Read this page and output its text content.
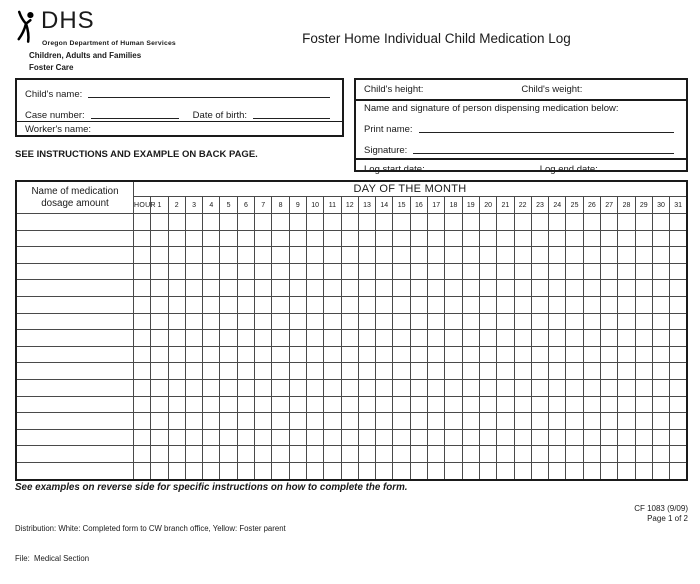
DHS
Oregon Department of Human Services
Children, Adults and Families
Foster Care
Foster Home Individual Child Medication Log
Child's name:
Case number:	Date of birth:
Worker's name:
Child's height:	Child's weight:
Name and signature of person dispensing medication below:
Print name:
Signature:
Log start date:	Log end date:
SEE INSTRUCTIONS AND EXAMPLE ON BACK PAGE.
Name of medication
dosage amount	DAY OF THE MONTH																															
	HOUR	1	2	3	4	5	6	7	8	9	10	11	12	13	14	15	16	17	18	19	20	21	22	23	24	25	26	27	28	29	30	31

See examples on reverse side for specific instructions on how to complete the form.

Distribution: White: Completed form to CW branch office, Yellow: Foster parent

File:  Medical Section

CF 1083 (9/09)
Page 1 of 2
